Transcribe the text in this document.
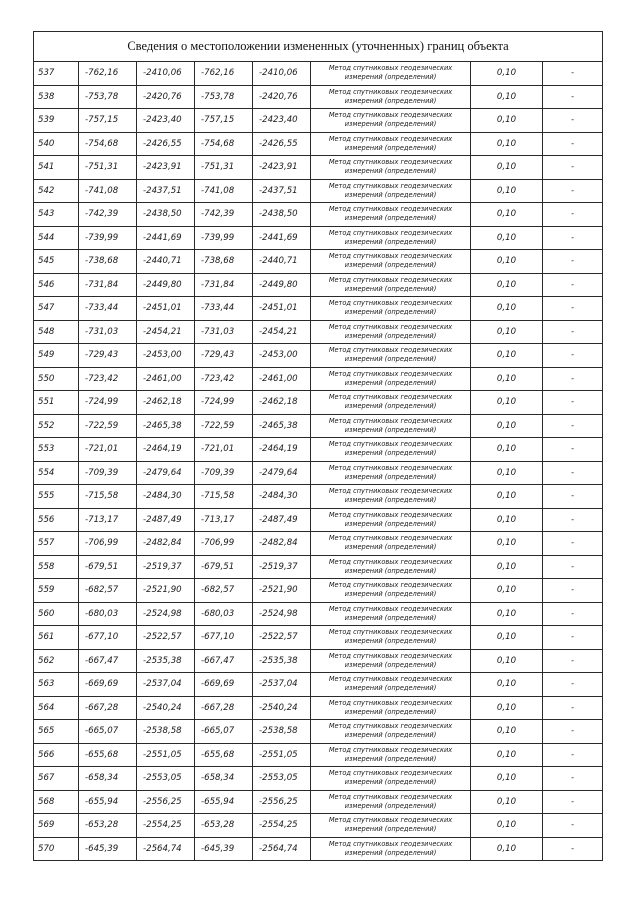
Сведения о местоположении измененных (уточненных) границ объекта							
537	-762,16	-2410,06	-762,16	-2410,06	Метод спутниковых геодезических измерений (определений)	0,10	-
538	-753,78	-2420,76	-753,78	-2420,76	Метод спутниковых геодезических измерений (определений)	0,10	-
539	-757,15	-2423,40	-757,15	-2423,40	Метод спутниковых геодезических измерений (определений)	0,10	-
540	-754,68	-2426,55	-754,68	-2426,55	Метод спутниковых геодезических измерений (определений)	0,10	-
541	-751,31	-2423,91	-751,31	-2423,91	Метод спутниковых геодезических измерений (определений)	0,10	-
542	-741,08	-2437,51	-741,08	-2437,51	Метод спутниковых геодезических измерений (определений)	0,10	-
543	-742,39	-2438,50	-742,39	-2438,50	Метод спутниковых геодезических измерений (определений)	0,10	-
544	-739,99	-2441,69	-739,99	-2441,69	Метод спутниковых геодезических измерений (определений)	0,10	-
545	-738,68	-2440,71	-738,68	-2440,71	Метод спутниковых геодезических измерений (определений)	0,10	-
546	-731,84	-2449,80	-731,84	-2449,80	Метод спутниковых геодезических измерений (определений)	0,10	-
547	-733,44	-2451,01	-733,44	-2451,01	Метод спутниковых геодезических измерений (определений)	0,10	-
548	-731,03	-2454,21	-731,03	-2454,21	Метод спутниковых геодезических измерений (определений)	0,10	-
549	-729,43	-2453,00	-729,43	-2453,00	Метод спутниковых геодезических измерений (определений)	0,10	-
550	-723,42	-2461,00	-723,42	-2461,00	Метод спутниковых геодезических измерений (определений)	0,10	-
551	-724,99	-2462,18	-724,99	-2462,18	Метод спутниковых геодезических измерений (определений)	0,10	-
552	-722,59	-2465,38	-722,59	-2465,38	Метод спутниковых геодезических измерений (определений)	0,10	-
553	-721,01	-2464,19	-721,01	-2464,19	Метод спутниковых геодезических измерений (определений)	0,10	-
554	-709,39	-2479,64	-709,39	-2479,64	Метод спутниковых геодезических измерений (определений)	0,10	-
555	-715,58	-2484,30	-715,58	-2484,30	Метод спутниковых геодезических измерений (определений)	0,10	-
556	-713,17	-2487,49	-713,17	-2487,49	Метод спутниковых геодезических измерений (определений)	0,10	-
557	-706,99	-2482,84	-706,99	-2482,84	Метод спутниковых геодезических измерений (определений)	0,10	-
558	-679,51	-2519,37	-679,51	-2519,37	Метод спутниковых геодезических измерений (определений)	0,10	-
559	-682,57	-2521,90	-682,57	-2521,90	Метод спутниковых геодезических измерений (определений)	0,10	-
560	-680,03	-2524,98	-680,03	-2524,98	Метод спутниковых геодезических измерений (определений)	0,10	-
561	-677,10	-2522,57	-677,10	-2522,57	Метод спутниковых геодезических измерений (определений)	0,10	-
562	-667,47	-2535,38	-667,47	-2535,38	Метод спутниковых геодезических измерений (определений)	0,10	-
563	-669,69	-2537,04	-669,69	-2537,04	Метод спутниковых геодезических измерений (определений)	0,10	-
564	-667,28	-2540,24	-667,28	-2540,24	Метод спутниковых геодезических измерений (определений)	0,10	-
565	-665,07	-2538,58	-665,07	-2538,58	Метод спутниковых геодезических измерений (определений)	0,10	-
566	-655,68	-2551,05	-655,68	-2551,05	Метод спутниковых геодезических измерений (определений)	0,10	-
567	-658,34	-2553,05	-658,34	-2553,05	Метод спутниковых геодезических измерений (определений)	0,10	-
568	-655,94	-2556,25	-655,94	-2556,25	Метод спутниковых геодезических измерений (определений)	0,10	-
569	-653,28	-2554,25	-653,28	-2554,25	Метод спутниковых геодезических измерений (определений)	0,10	-
570	-645,39	-2564,74	-645,39	-2564,74	Метод спутниковых геодезических измерений (определений)	0,10	-
